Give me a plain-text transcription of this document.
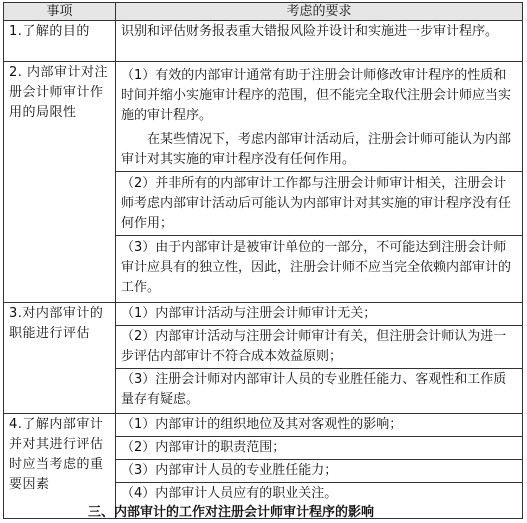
事项	考虑的要求
1.了解的目的	识别和评估财务报表重大错报风险并设计和实施进一步审计程序。
2. 内部审计对注册会计师审计作用的局限性	（1）有效的内部审计通常有助于注册会计师修改审计程序的性质和时间并缩小实施审计程序的范围，但不能完全取代注册会计师应当实施的审计程序。
在某些情况下，考虑内部审计活动后，注册会计师可能认为内部审计对其实施的审计程序没有任何作用。

	（2）并非所有的内部审计工作都与注册会计师审计相关，注册会计师考虑内部审计活动后可能认为内部审计对其实施的审计程序没有任何作用；
	（3）由于内部审计是被审计单位的一部分，不可能达到注册会计师审计应具有的独立性，因此，注册会计师不应当完全依赖内部审计的工作。
3.对内部审计的职能进行评估	（1）内部审计活动与注册会计师审计无关；
	（2）内部审计活动与注册会计师审计有关，但注册会计师认为进一步评估内部审计不符合成本效益原则；
	（3）注册会计师对内部审计人员的专业胜任能力、客观性和工作质量存有疑虑。
4.了解内部审计并对其进行评估时应当考虑的重要因素	（1）内部审计的组织地位及其对客观性的影响；
	（2）内部审计的职责范围；
	（3）内部审计人员的专业胜任能力；
	（4）内部审计人员应有的职业关注。
三、内部审计的工作对注册会计师审计程序的影响
